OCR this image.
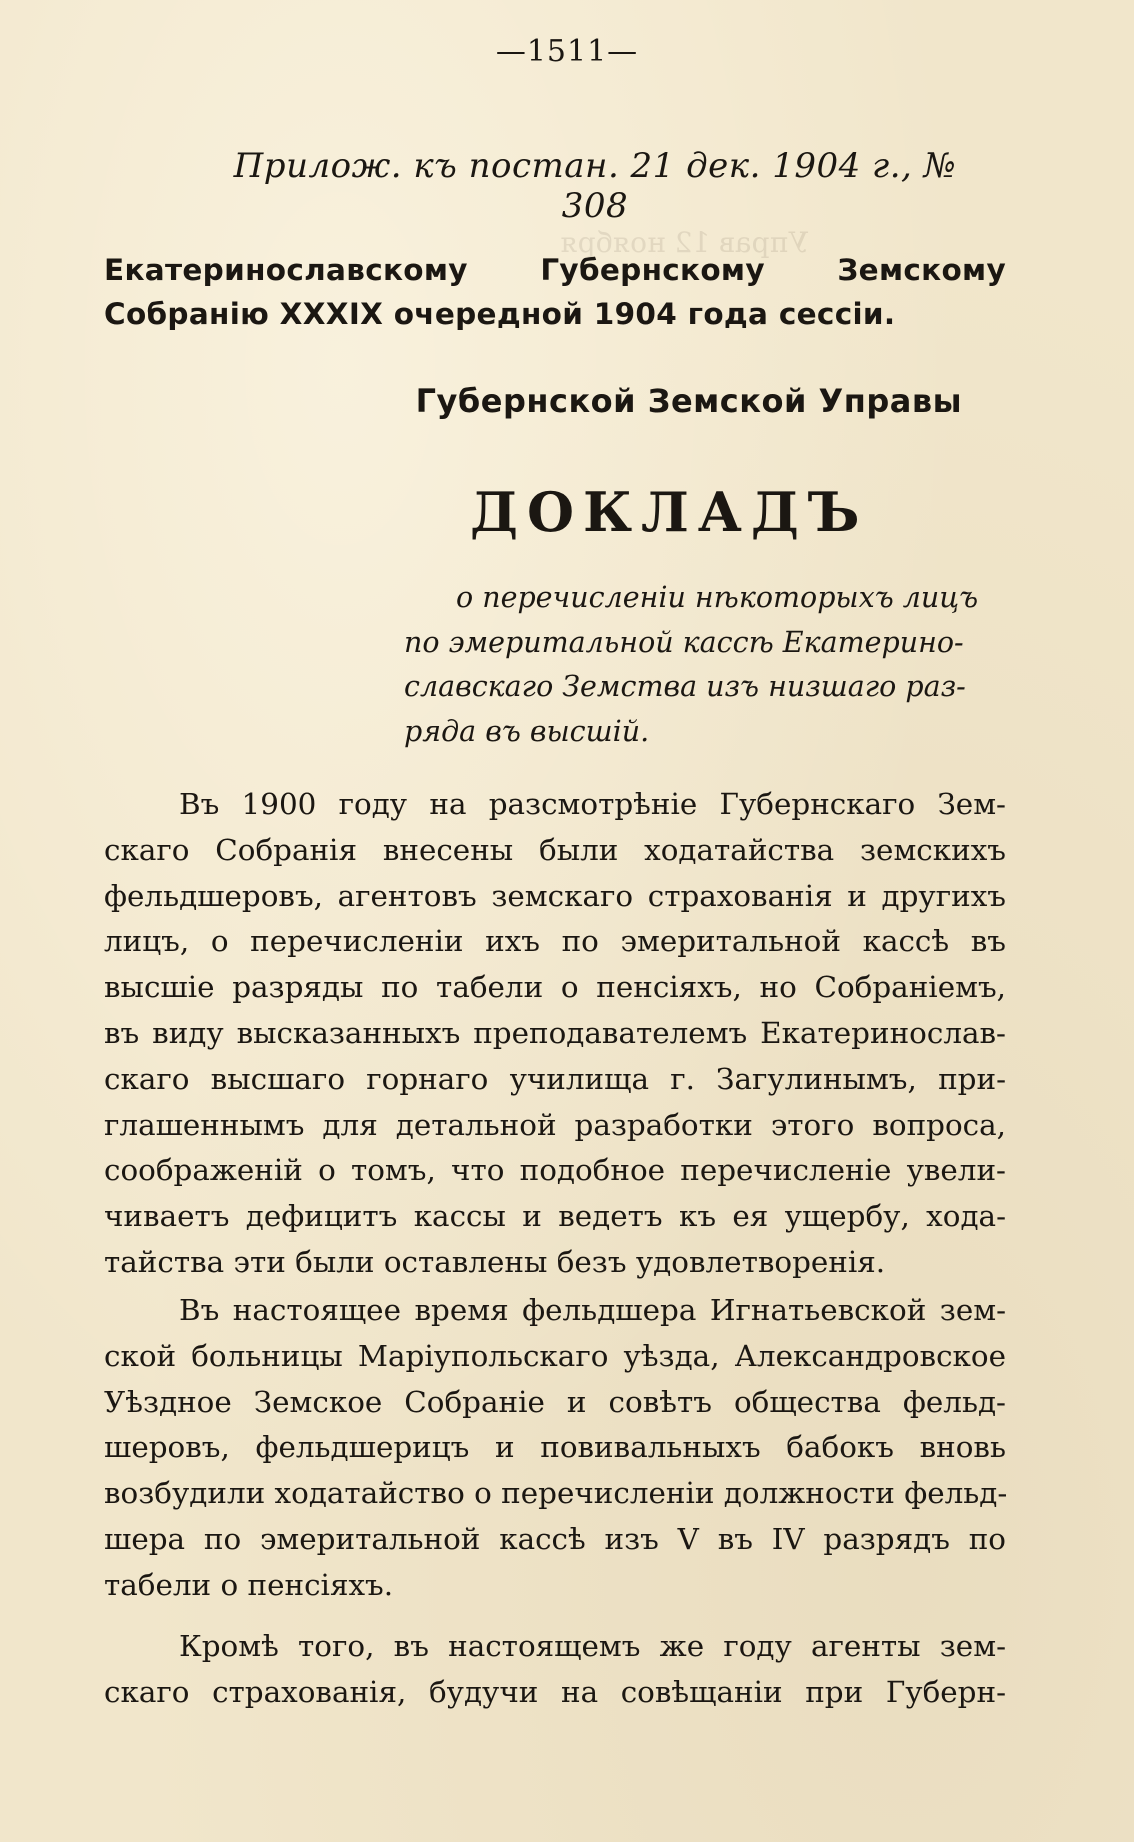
Управ 12 ноября
—1511—
Прилож. къ постан. 21 дек. 1904 г., № 308
Екатеринославскому Губернскому Земскому Собранію XXXIX очередной 1904 года сессіи.
Губернской Земской Управы
ДОКЛАДЪ
о перечисленіи нѣкоторыхъ лицъ
по эмеритальной кассѣ Екатерино-
славскаго Земства изъ низшаго раз-
ряда въ высшій.
Въ 1900 году на разсмотрѣніе Губернскаго Зем-
скаго Собранія внесены были ходатайства земскихъ
фельдшеровъ, агентовъ земскаго страхованія и другихъ
лицъ, о перечисленіи ихъ по эмеритальной кассѣ въ
высшіе разряды по табели о пенсіяхъ, но Собраніемъ,
въ виду высказанныхъ преподавателемъ Екатеринослав-
скаго высшаго горнаго училища г. Загулинымъ, при-
глашеннымъ для детальной разработки этого вопроса,
соображеній о томъ, что подобное перечисленіе увели-
чиваетъ дефицитъ кассы и ведетъ къ ея ущербу, хода-
тайства эти были оставлены безъ удовлетворенія.
Въ настоящее время фельдшера Игнатьевской зем-
ской больницы Маріупольскаго уѣзда, Александровское
Уѣздное Земское Собраніе и совѣтъ общества фельд-
шеровъ, фельдшерицъ и повивальныхъ бабокъ вновь
возбудили ходатайство о перечисленіи должности фельд-
шера по эмеритальной кассѣ изъ V въ IV разрядъ по
табели о пенсіяхъ.
Кромѣ того, въ настоящемъ же году агенты зем-
скаго страхованія, будучи на совѣщаніи при Губерн-
